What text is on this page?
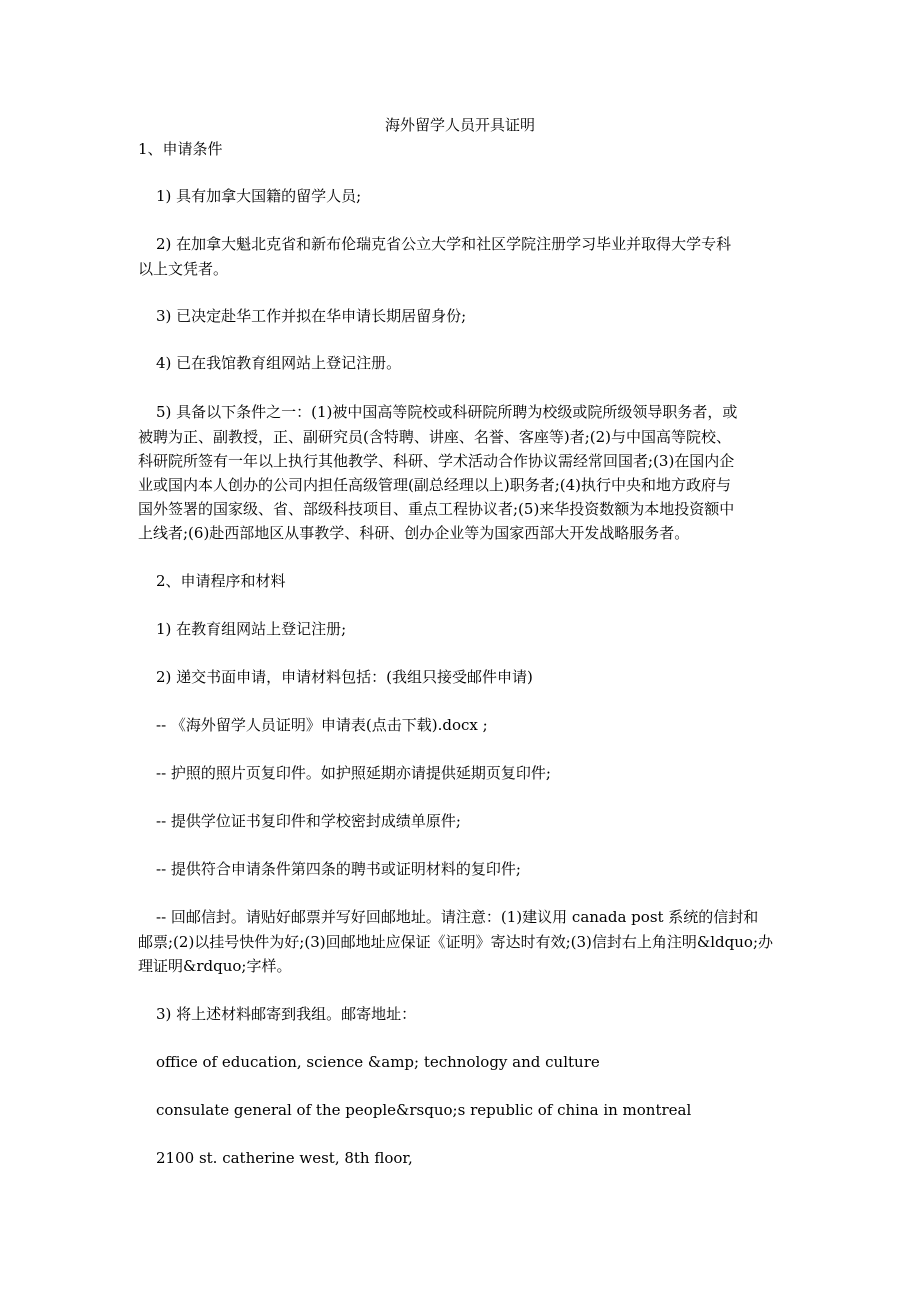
海外留学人员开具证明
1、申请条件
1) 具有加拿大国籍的留学人员;
2) 在加拿大魁北克省和新布伦瑞克省公立大学和社区学院注册学习毕业并取得大学专科
以上文凭者。
3) 已决定赴华工作并拟在华申请长期居留身份;
4) 已在我馆教育组网站上登记注册。
5) 具备以下条件之一：(1)被中国高等院校或科研院所聘为校级或院所级领导职务者，或
被聘为正、副教授，正、副研究员(含特聘、讲座、名誉、客座等)者;(2)与中国高等院校、
科研院所签有一年以上执行其他教学、科研、学术活动合作协议需经常回国者;(3)在国内企
业或国内本人创办的公司内担任高级管理(副总经理以上)职务者;(4)执行中央和地方政府与
国外签署的国家级、省、部级科技项目、重点工程协议者;(5)来华投资数额为本地投资额中
上线者;(6)赴西部地区从事教学、科研、创办企业等为国家西部大开发战略服务者。
2、申请程序和材料
1) 在教育组网站上登记注册;
2) 递交书面申请，申请材料包括：(我组只接受邮件申请)
-- 《海外留学人员证明》申请表(点击下载).docx ;
-- 护照的照片页复印件。如护照延期亦请提供延期页复印件;
-- 提供学位证书复印件和学校密封成绩单原件;
-- 提供符合申请条件第四条的聘书或证明材料的复印件;
-- 回邮信封。请贴好邮票并写好回邮地址。请注意：(1)建议用 canada post 系统的信封和
邮票;(2)以挂号快件为好;(3)回邮地址应保证《证明》寄达时有效;(3)信封右上角注明&ldquo;办
理证明&rdquo;字样。
3) 将上述材料邮寄到我组。邮寄地址：
office of education, science &amp; technology and culture
consulate general of the people&rsquo;s republic of china in montreal
2100 st. catherine west, 8th floor,
